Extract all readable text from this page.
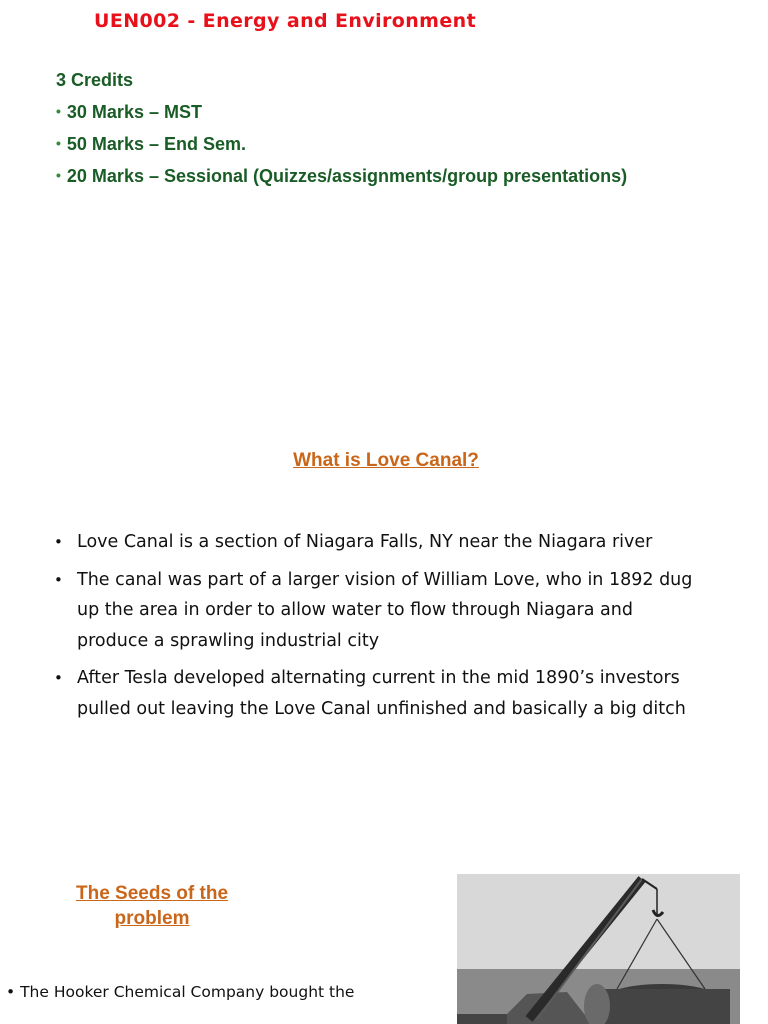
UEN002 - Energy and Environment
3 Credits
• 30 Marks – MST
• 50 Marks – End Sem.
• 20 Marks – Sessional (Quizzes/assignments/group presentations)
What is Love Canal?
• Love Canal is a section of Niagara Falls, NY near the Niagara river
• The canal was part of a larger vision of William Love, who in 1892 dug up the area in order to allow water to flow through Niagara and produce a sprawling industrial city
• After Tesla developed alternating current in the mid 1890’s investors pulled out leaving the Love Canal unfinished and basically a big ditch
The Seeds of the
problem
• The Hooker Chemical Company bought the
